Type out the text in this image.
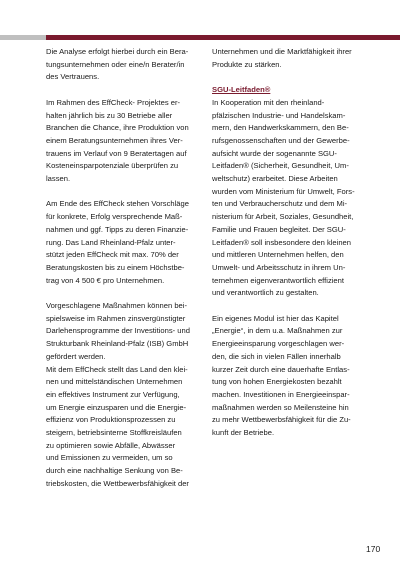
Die Analyse erfolgt hierbei durch ein Bera-
tungsunternehmen oder eine/n Berater/in
des Vertrauens.

Im Rahmen des EffCheck- Projektes er-
halten jährlich bis zu 30 Betriebe aller
Branchen die Chance, ihre Produktion von
einem Beratungsunternehmen ihres Ver-
trauens im Verlauf von 9 Beratertagen auf
Kosteneinsparpotenziale überprüfen zu
lassen.

Am Ende des EffCheck stehen Vorschläge
für konkrete, Erfolg versprechende Maß-
nahmen und ggf. Tipps zu deren Finanzie-
rung. Das Land Rheinland-Pfalz unter-
stützt jeden EffCheck mit max. 70% der
Beratungskosten bis zu einem Höchstbe-
trag von 4 500 € pro Unternehmen.

Vorgeschlagene Maßnahmen können bei-
spielsweise im Rahmen zinsvergünstigter
Darlehensprogramme der Investitions- und
Strukturbank Rheinland-Pfalz (ISB) GmbH
gefördert werden.
Mit dem EffCheck stellt das Land den klei-
nen und mittelständischen Unternehmen
ein effektives Instrument zur Verfügung,
um Energie einzusparen und die Energie-
effizienz von Produktionsprozessen zu
steigern, betriebsinterne Stoffkreisläufen
zu optimieren sowie Abfälle, Abwässer
und Emissionen zu vermeiden, um so
durch eine nachhaltige Senkung von Be-
triebskosten, die Wettbewerbsfähigkeit der

Unternehmen und die Marktfähigkeit ihrer
Produkte zu stärken.

SGU-Leitfaden®

In Kooperation mit den rheinland-
pfälzischen Industrie- und Handelskam-
mern, den Handwerkskammern, den Be-
rufsgenossenschaften und der Gewerbe-
aufsicht wurde der sogenannte SGU-
Leitfaden® (Sicherheit, Gesundheit, Um-
weltschutz) erarbeitet. Diese Arbeiten
wurden vom Ministerium für Umwelt, Fors-
ten und Verbraucherschutz und dem Mi-
nisterium für Arbeit, Soziales, Gesundheit,
Familie und Frauen begleitet. Der SGU-
Leitfaden® soll insbesondere den kleinen
und mittleren Unternehmen helfen, den
Umwelt- und Arbeitsschutz in ihrem Un-
ternehmen eigenverantwortlich effizient
und verantwortlich zu gestalten.

Ein eigenes Modul ist hier das Kapitel
„Energie“, in dem u.a. Maßnahmen zur
Energieeinsparung vorgeschlagen wer-
den, die sich in vielen Fällen innerhalb
kurzer Zeit durch eine dauerhafte Entlas-
tung von hohen Energiekosten bezahlt
machen. Investitionen in Energieeinspar-
maßnahmen werden so Meilensteine hin
zu mehr Wettbewerbsfähigkeit für die Zu-
kunft der Betriebe.

170
